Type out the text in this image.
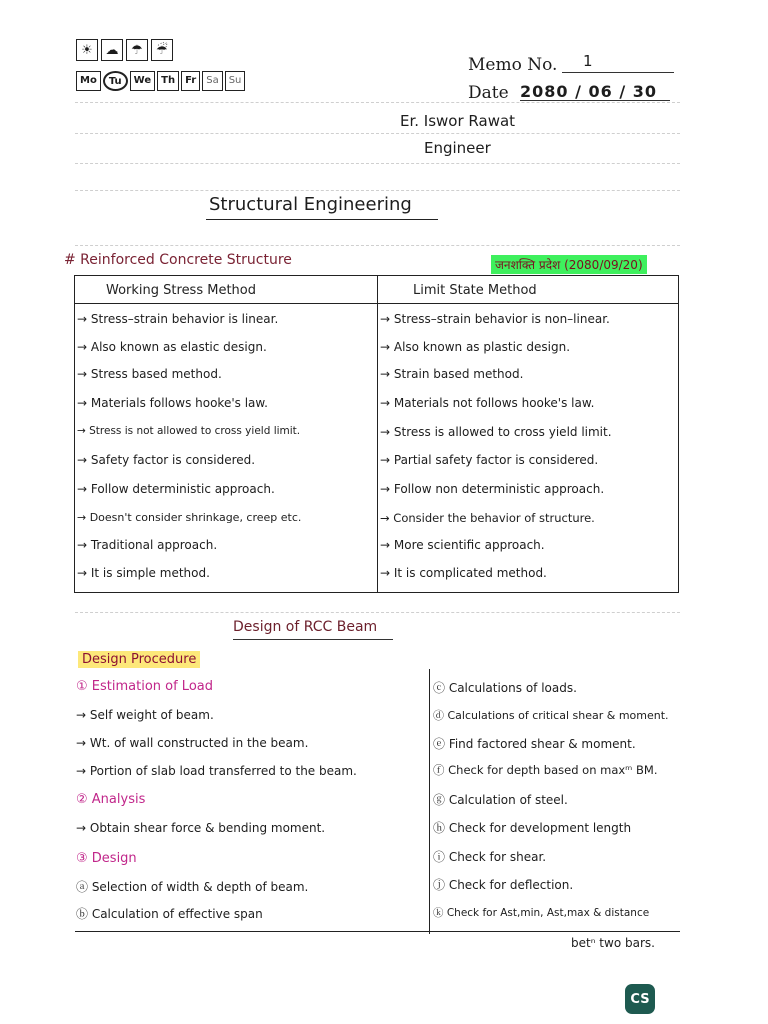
☀ ☁ ☂	☔
Mo	Tu	We	Th	Fr	Sa	Su
Memo No. 1
Date 2080 / 06 / 30
Er. Iswor Rawat
Engineer
Structural Engineering
# Reinforced Concrete Structure	जनशक्ति प्रदेश (2080/09/20)
Working Stress Method	Limit State Method
→ Stress–strain behavior is linear.	→ Stress–strain behavior is non–linear.
→ Also known as elastic design.	→ Also known as plastic design.
→ Stress based method.	→ Strain based method.
→ Materials follows hooke's law.	→ Materials not follows hooke's law.
→ Stress is not allowed to cross yield limit.	→ Stress is allowed to cross yield limit.
→ Safety factor is considered.	→ Partial safety factor is considered.
→ Follow deterministic approach.	→ Follow non deterministic approach.
→ Doesn't consider shrinkage, creep etc.	→ Consider the behavior of structure.
→ Traditional approach.	→ More scientific approach.
→ It is simple method.	→ It is complicated method.
Design of RCC Beam
Design Procedure
① Estimation of Load
→ Self weight of beam.
→ Wt. of wall constructed in the beam.
→ Portion of slab load transferred to the beam.
② Analysis
→ Obtain shear force & bending moment.
③ Design
ⓐ Selection of width & depth of beam.
ⓑ Calculation of effective span
ⓒ Calculations of loads.
ⓓ Calculations of critical shear & moment.
ⓔ Find factored shear & moment.
ⓕ Check for depth based on maxᵐ BM.
ⓖ Calculation of steel.
ⓗ Check for development length
ⓘ Check for shear.
ⓙ Check for deflection.
ⓚ Check for Ast,min, Ast,max & distance
betⁿ two bars.
CS
